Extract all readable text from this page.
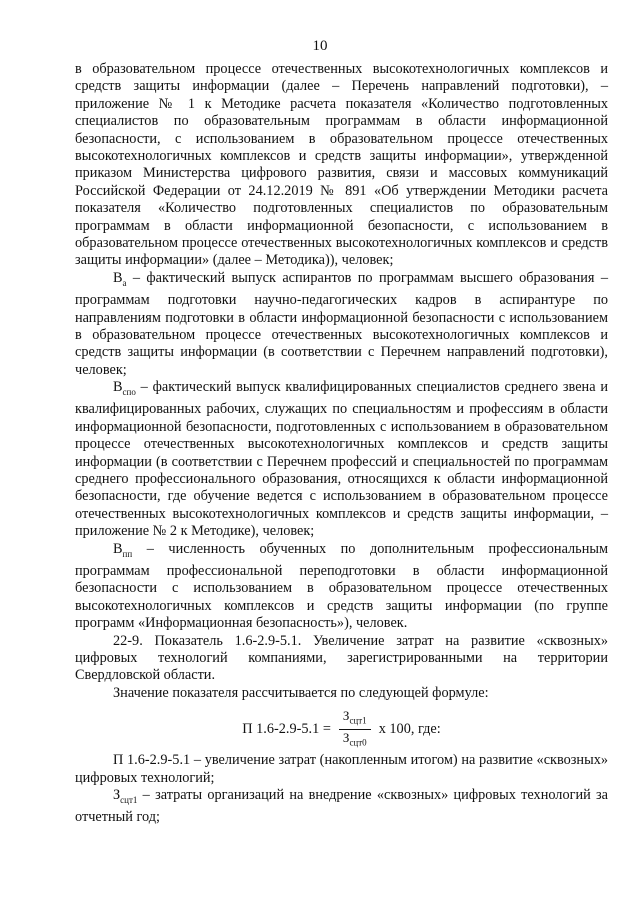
10

в образовательном процессе отечественных высокотехнологичных комплексов и средств защиты информации (далее – Перечень направлений подготовки), – приложение № 1 к Методике расчета показателя «Количество подготовленных специалистов по образовательным программам в области информационной безопасности, с использованием в образовательном процессе отечественных высокотехнологичных комплексов и средств защиты информации», утвержденной приказом Министерства цифрового развития, связи и массовых коммуникаций Российской Федерации от 24.12.2019 № 891 «Об утверждении Методики расчета показателя «Количество подготовленных специалистов по образовательным программам в области информационной безопасности, с использованием в образовательном процессе отечественных высокотехнологичных комплексов и средств защиты информации» (далее – Методика)), человек;

$В_а$ – фактический выпуск аспирантов по программам высшего образования – программам подготовки научно-педагогических кадров в аспирантуре по направлениям подготовки в области информационной безопасности с использованием в образовательном процессе отечественных высокотехнологичных комплексов и средств защиты информации (в соответствии с Перечнем направлений подготовки), человек;

$В_{спо}$ – фактический выпуск квалифицированных специалистов среднего звена и квалифицированных рабочих, служащих по специальностям и профессиям в области информационной безопасности, подготовленных с использованием в образовательном процессе отечественных высокотехнологичных комплексов и средств защиты информации (в соответствии с Перечнем профессий и специальностей по программам среднего профессионального образования, относящихся к области информационной безопасности, где обучение ведется с использованием в образовательном процессе отечественных высокотехнологичных комплексов и средств защиты информации, – приложение № 2 к Методике), человек;

$В_{пп}$ – численность обученных по дополнительным профессиональным программам профессиональной переподготовки в области информационной безопасности с использованием в образовательном процессе отечественных высокотехнологичных комплексов и средств защиты информации (по группе программ «Информационная безопасность»), человек.

22-9. Показатель 1.6-2.9-5.1. Увеличение затрат на развитие «сквозных» цифровых технологий компаниями, зарегистрированными на территории Свердловской области.

Значение показателя рассчитывается по следующей формуле:

П $1.6-2.9-5.1 = \frac{З_{сцт1}}{З_{сцт0}}$ х 100, где:

П 1.6-2.9-5.1 – увеличение затрат (накопленным итогом) на развитие «сквозных» цифровых технологий;

$З_{сцт1}$ – затраты организаций на внедрение «сквозных» цифровых технологий за отчетный год;
